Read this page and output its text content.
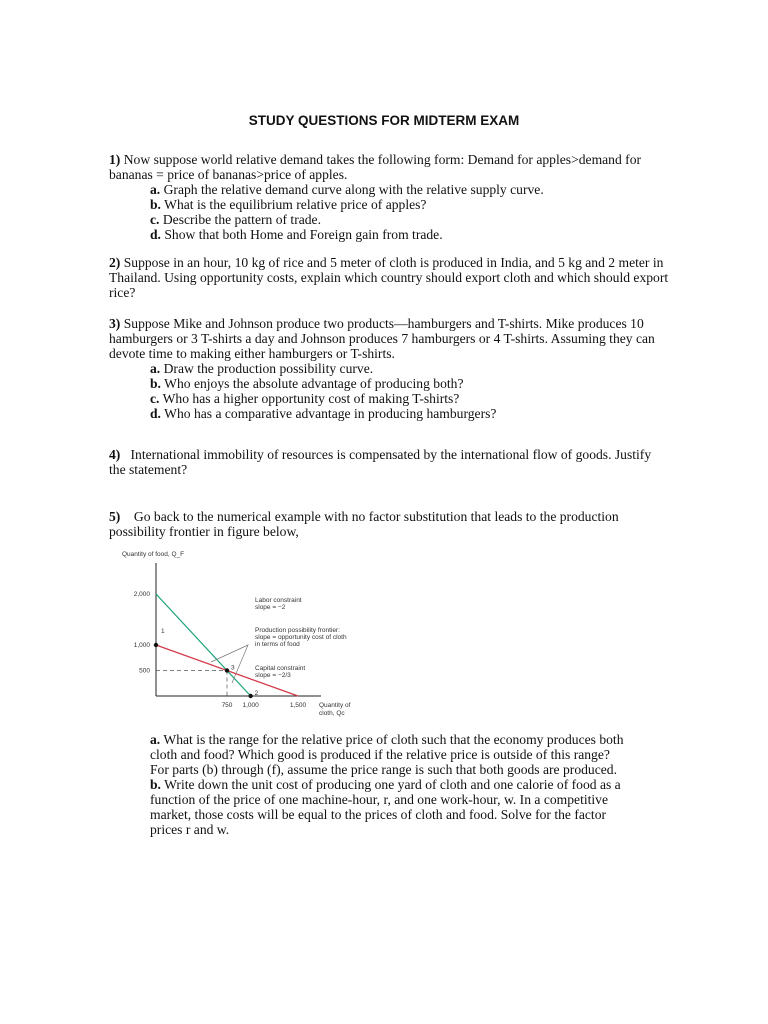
STUDY QUESTIONS FOR MIDTERM EXAM
1) Now suppose world relative demand takes the following form: Demand for apples>demand for bananas = price of bananas>price of apples.
a. Graph the relative demand curve along with the relative supply curve.
b. What is the equilibrium relative price of apples?
c. Describe the pattern of trade.
d. Show that both Home and Foreign gain from trade.
2) Suppose in an hour, 10 kg of rice and 5 meter of cloth is produced in India, and 5 kg and 2 meter in Thailand. Using opportunity costs, explain which country should export cloth and which should export rice?
3) Suppose Mike and Johnson produce two products—hamburgers and T-shirts. Mike produces 10 hamburgers or 3 T-shirts a day and Johnson produces 7 hamburgers or 4 T-shirts. Assuming they can devote time to making either hamburgers or T-shirts.
a. Draw the production possibility curve.
b. Who enjoys the absolute advantage of producing both?
c. Who has a higher opportunity cost of making T-shirts?
d. Who has a comparative advantage in producing hamburgers?
4) International immobility of resources is compensated by the international flow of goods. Justify the statement?
5) Go back to the numerical example with no factor substitution that leads to the production possibility frontier in figure below,
Quantity of food, Q_F
Quantity of
cloth, Qc
2,000
1,000
500
750 1,000	1,500
1
3
2
Labor constraint
slope = −2
Production possibility frontier:
slope = opportunity cost of cloth
in terms of food
Capital constraint
slope = −2/3
a. What is the range for the relative price of cloth such that the economy produces both cloth and food? Which good is produced if the relative price is outside of this range? For parts (b) through (f), assume the price range is such that both goods are produced.
b. Write down the unit cost of producing one yard of cloth and one calorie of food as a function of the price of one machine-hour, r, and one work-hour, w. In a competitive market, those costs will be equal to the prices of cloth and food. Solve for the factor prices r and w.
